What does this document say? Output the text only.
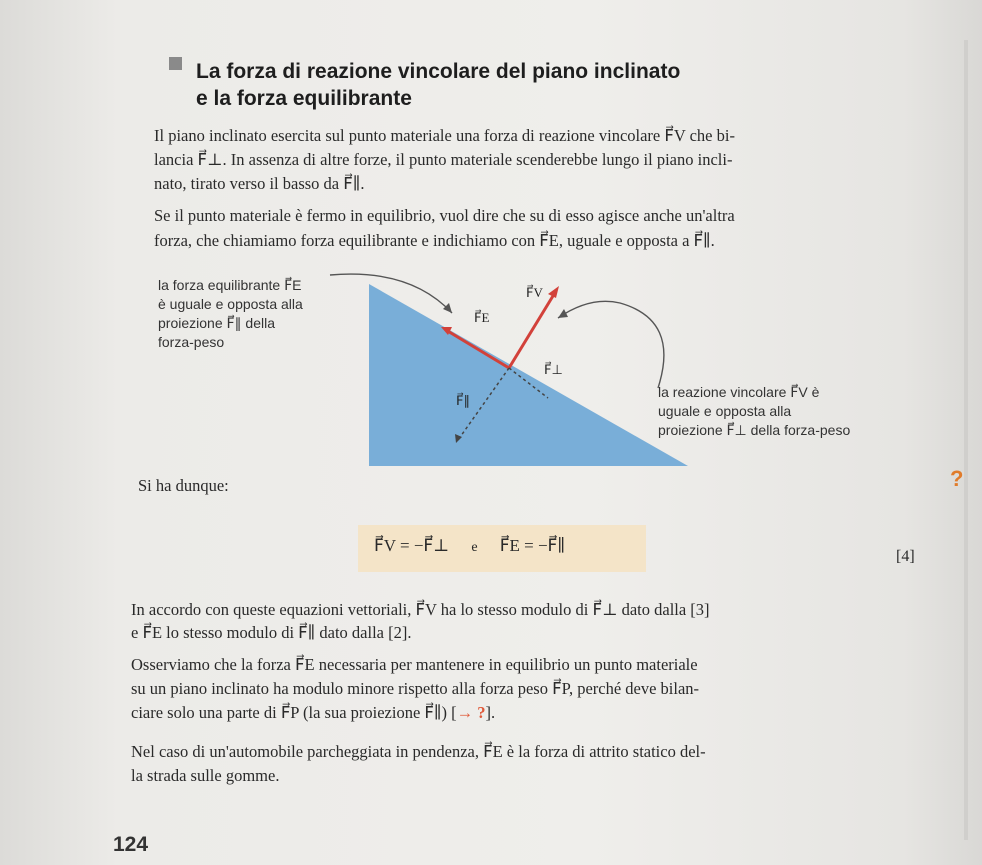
La forza di reazione vincolare del piano inclinato
e la forza equilibrante
Il piano inclinato esercita sul punto materiale una forza di reazione vincolare F⃗V che bi-
lancia F⃗⊥. In assenza di altre forze, il punto materiale scenderebbe lungo il piano incli-
nato, tirato verso il basso da F⃗∥.
Se il punto materiale è fermo in equilibrio, vuol dire che su di esso agisce anche un'altra
forza, che chiamiamo forza equilibrante e indichiamo con F⃗E, uguale e opposta a F⃗∥.
F⃗V
F⃗E
F⃗⊥
F⃗∥
la forza equilibrante F⃗E
è uguale e opposta alla
proiezione F⃗∥ della
forza-peso
la reazione vincolare F⃗V è
uguale e opposta alla
proiezione F⃗⊥ della forza-peso
Si ha dunque:	?
F⃗V = −F⃗⊥ e F⃗E = −F⃗∥
[4]
In accordo con queste equazioni vettoriali, F⃗V ha lo stesso modulo di F⃗⊥ dato dalla [3]
e F⃗E lo stesso modulo di F⃗∥ dato dalla [2].
Osserviamo che la forza F⃗E necessaria per mantenere in equilibrio un punto materiale
su un piano inclinato ha modulo minore rispetto alla forza peso F⃗P, perché deve bilan-
ciare solo una parte di F⃗P (la sua proiezione F⃗∥) [→ ?].
Nel caso di un'automobile parcheggiata in pendenza, F⃗E è la forza di attrito statico del-
la strada sulle gomme.
124
